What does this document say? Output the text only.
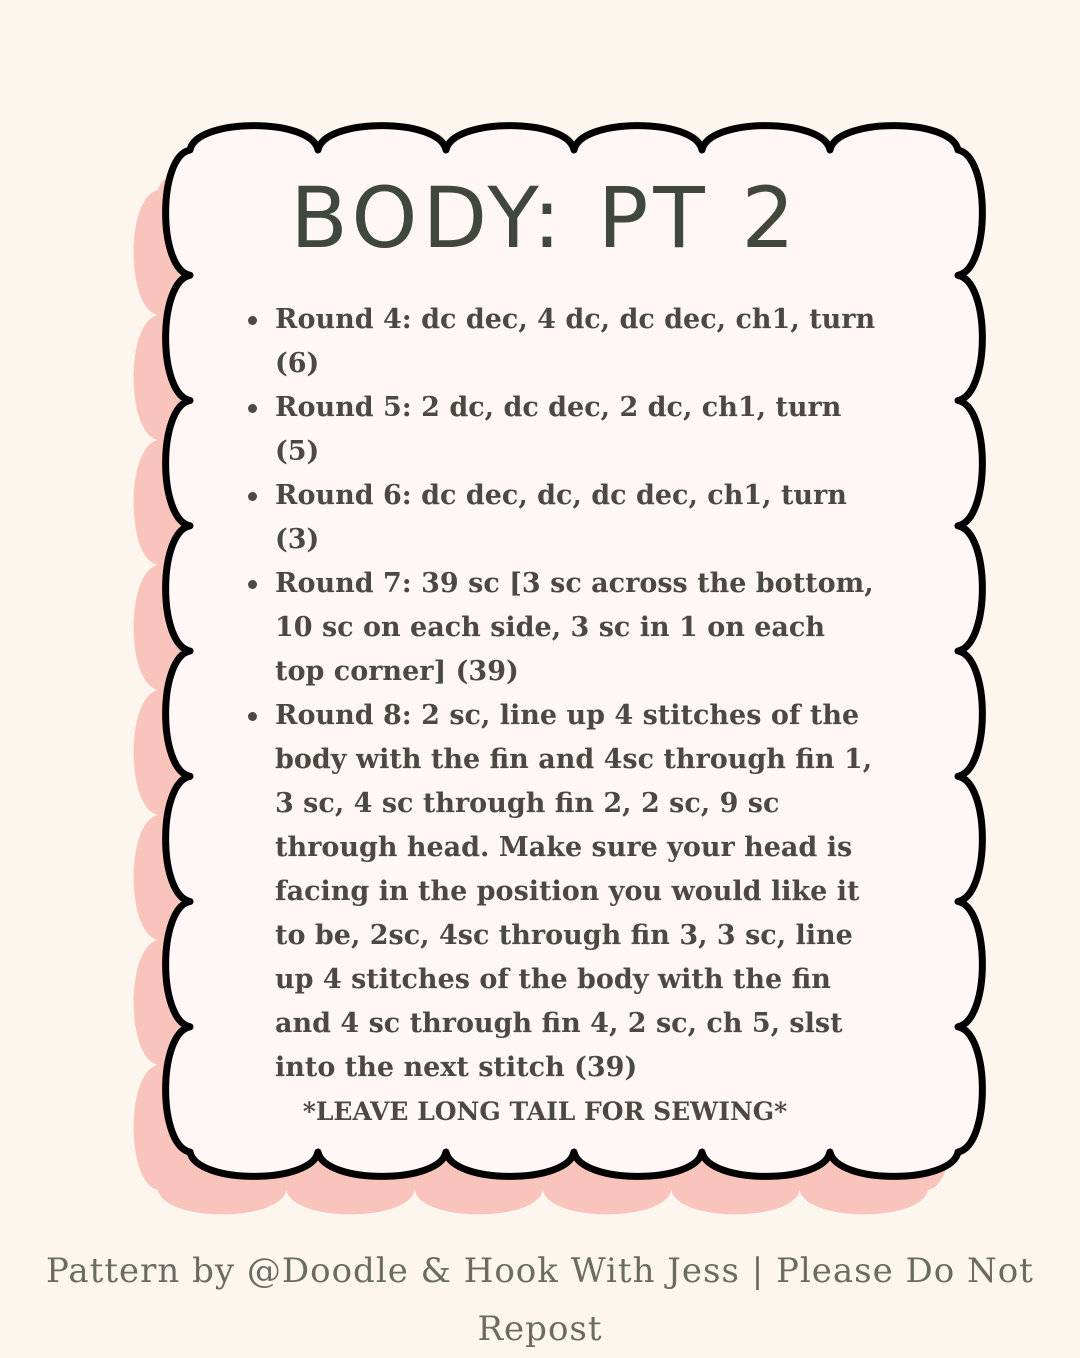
BODY: PT 2
Round 4: dc dec, 4 dc, dc dec, ch1, turn (6)
Round 5: 2 dc, dc dec, 2 dc, ch1, turn (5)
Round 6: dc dec, dc, dc dec, ch1, turn (3)
Round 7: 39 sc [3 sc across the bottom, 10 sc on each side, 3 sc in 1 on each top corner] (39)
Round 8: 2 sc, line up 4 stitches of the body with the fin and 4sc through fin 1, 3 sc, 4 sc through fin 2, 2 sc, 9 sc through head. Make sure your head is facing in the position you would like it to be, 2sc, 4sc through fin 3, 3 sc, line up 4 stitches of the body with the fin and 4 sc through fin 4, 2 sc, ch 5, slst into the next stitch (39)

*LEAVE LONG TAIL FOR SEWING*

Pattern by @Doodle & Hook With Jess | Please Do Not Repost
